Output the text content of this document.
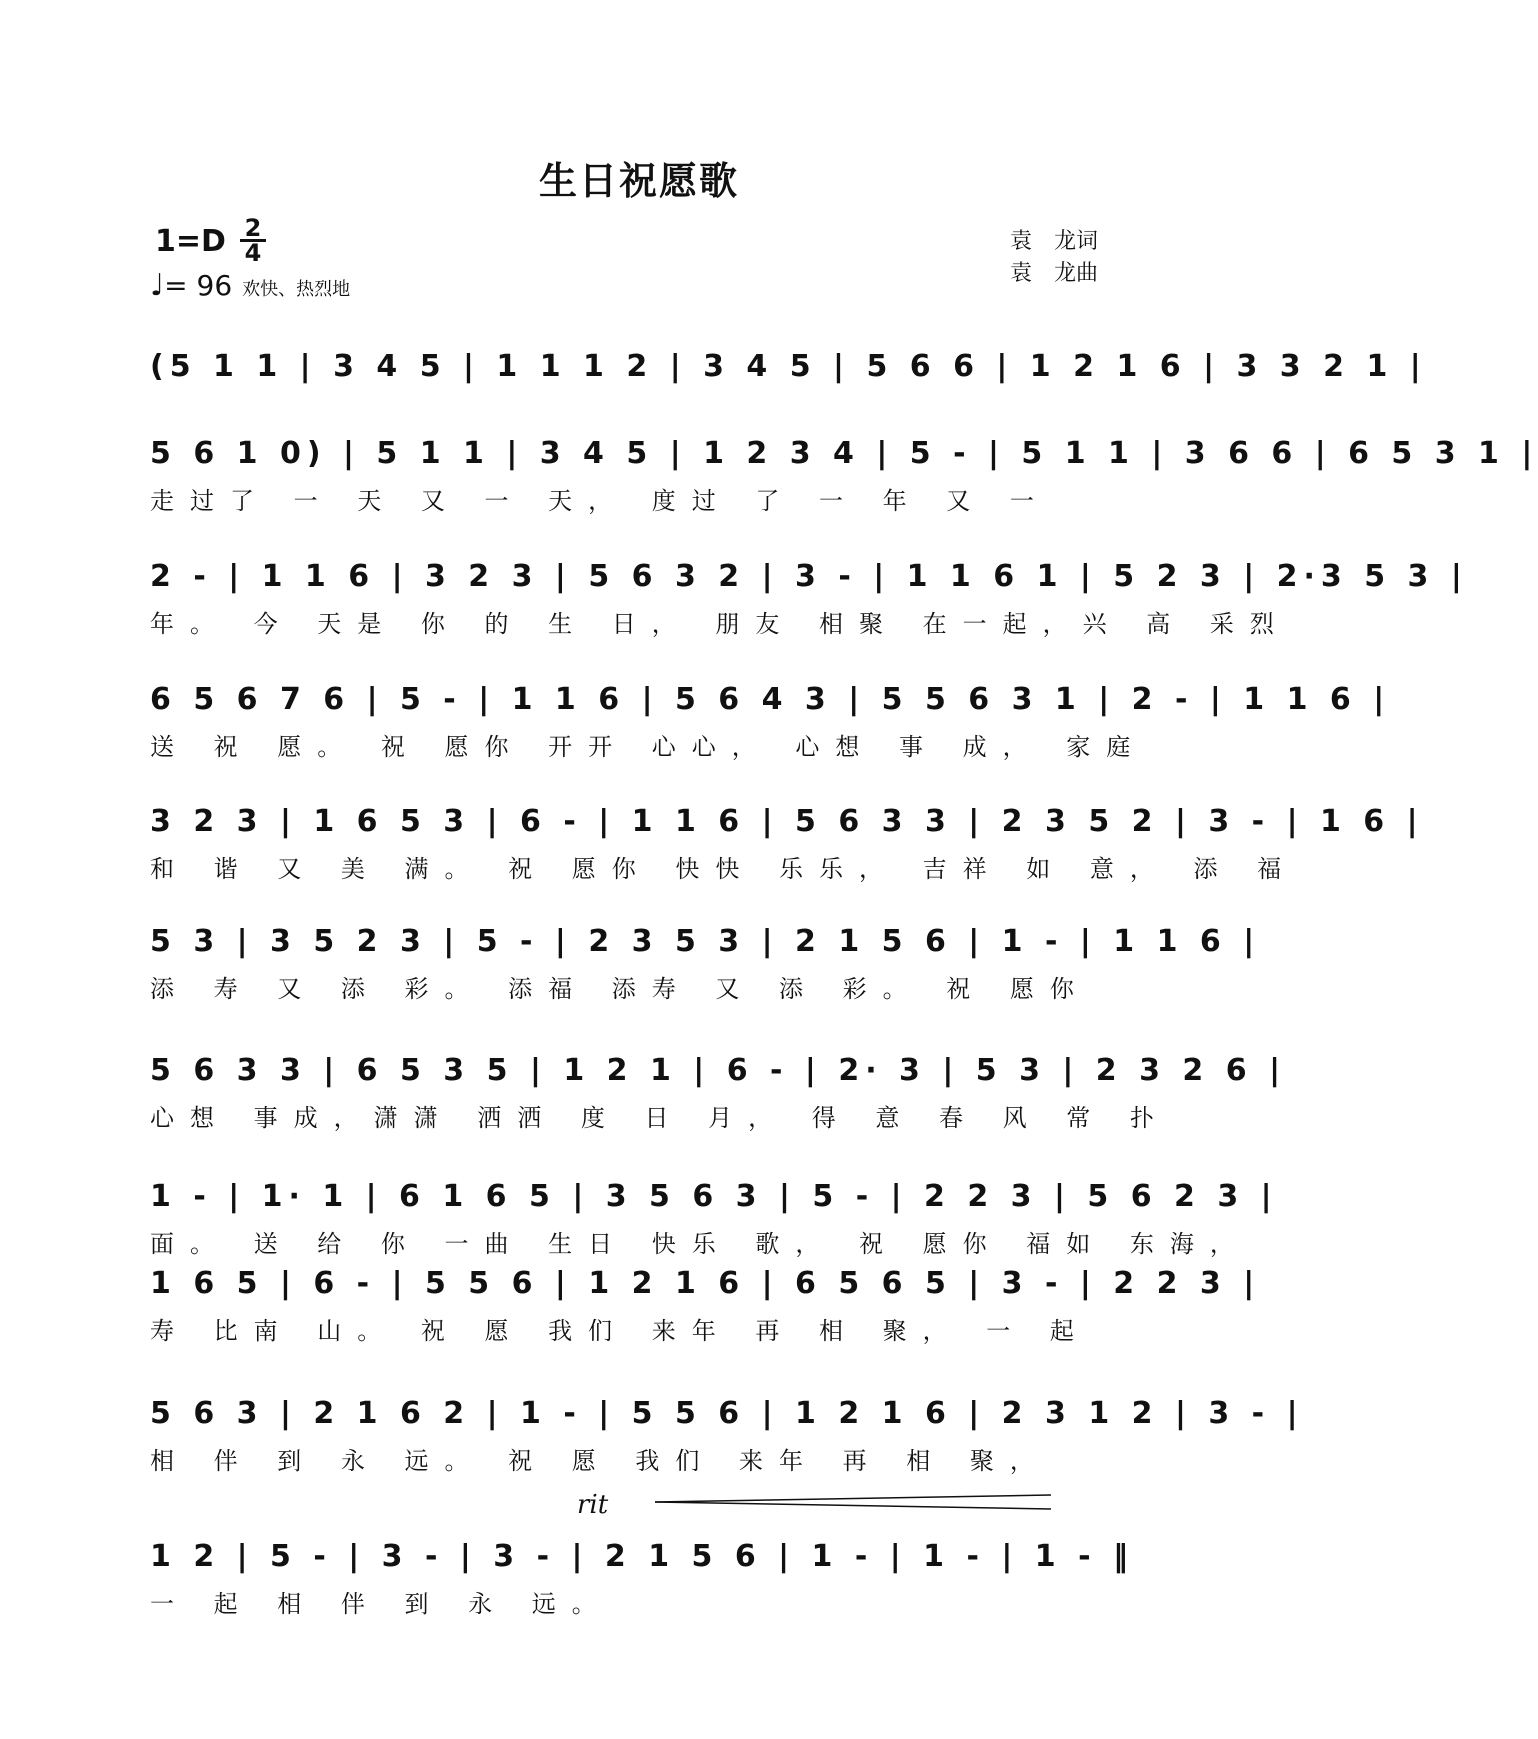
生日祝愿歌
1=D 2
4
♩= 96 欢快、热烈地
袁　龙词
袁　龙曲
(5 1 1 | 3 4 5 | 1 1 1 2 | 3 4 5 | 5 6 6 | 1 2 1 6 | 3 3 2 1 |
5 6 1 0) | 5 1 1 | 3 4 5 | 1 2 3 4 | 5 - | 5 1 1 | 3 6 6 | 6 5 3 1 |
走过了 一 天 又 一 天， 度过 了 一 年 又 一
2 - | 1 1 6 | 3 2 3 | 5 6 3 2 | 3 - | 1 1 6 1 | 5 2 3 | 2·3 5 3 |
年。 今 天是 你 的 生 日， 朋友 相聚 在一起，兴 高 采烈
6 5 6 7 6 | 5 - | 1 1 6 | 5 6 4 3 | 5 5 6 3 1 | 2 - | 1 1 6 |
送 祝 愿。 祝 愿你 开开 心心， 心想 事 成， 家庭
3 2 3 | 1 6 5 3 | 6 - | 1 1 6 | 5 6 3 3 | 2 3 5 2 | 3 - | 1 6 |
和 谐 又 美 满。 祝 愿你 快快 乐乐， 吉祥 如 意， 添 福
5 3 | 3 5 2 3 | 5 - | 2 3 5 3 | 2 1 5 6 | 1 - | 1 1 6 |
添 寿 又 添 彩。 添福 添寿 又 添 彩。 祝 愿你
5 6 3 3 | 6 5 3 5 | 1 2 1 | 6 - | 2· 3 | 5 3 | 2 3 2 6 |
心想 事成，潇潇 洒洒 度 日 月， 得 意 春 风 常 扑
1 - | 1· 1 | 6 1 6 5 | 3 5 6 3 | 5 - | 2 2 3 | 5 6 2 3 |
面。 送 给 你 一曲 生日 快乐 歌， 祝 愿你 福如 东海，
1 6 5 | 6 - | 5 5 6 | 1 2 1 6 | 6 5 6 5 | 3 - | 2 2 3 |
寿 比南 山。 祝 愿 我们 来年 再 相 聚， 一 起
5 6 3 | 2 1 6 2 | 1 - | 5 5 6 | 1 2 1 6 | 2 3 1 2 | 3 - |
相 伴 到 永 远。 祝 愿 我们 来年 再 相 聚，
rit
1 2 | 5 - | 3 - | 3 - | 2 1 5 6 | 1 - | 1 - | 1 - ‖
一 起 相 伴 到 永 远。
